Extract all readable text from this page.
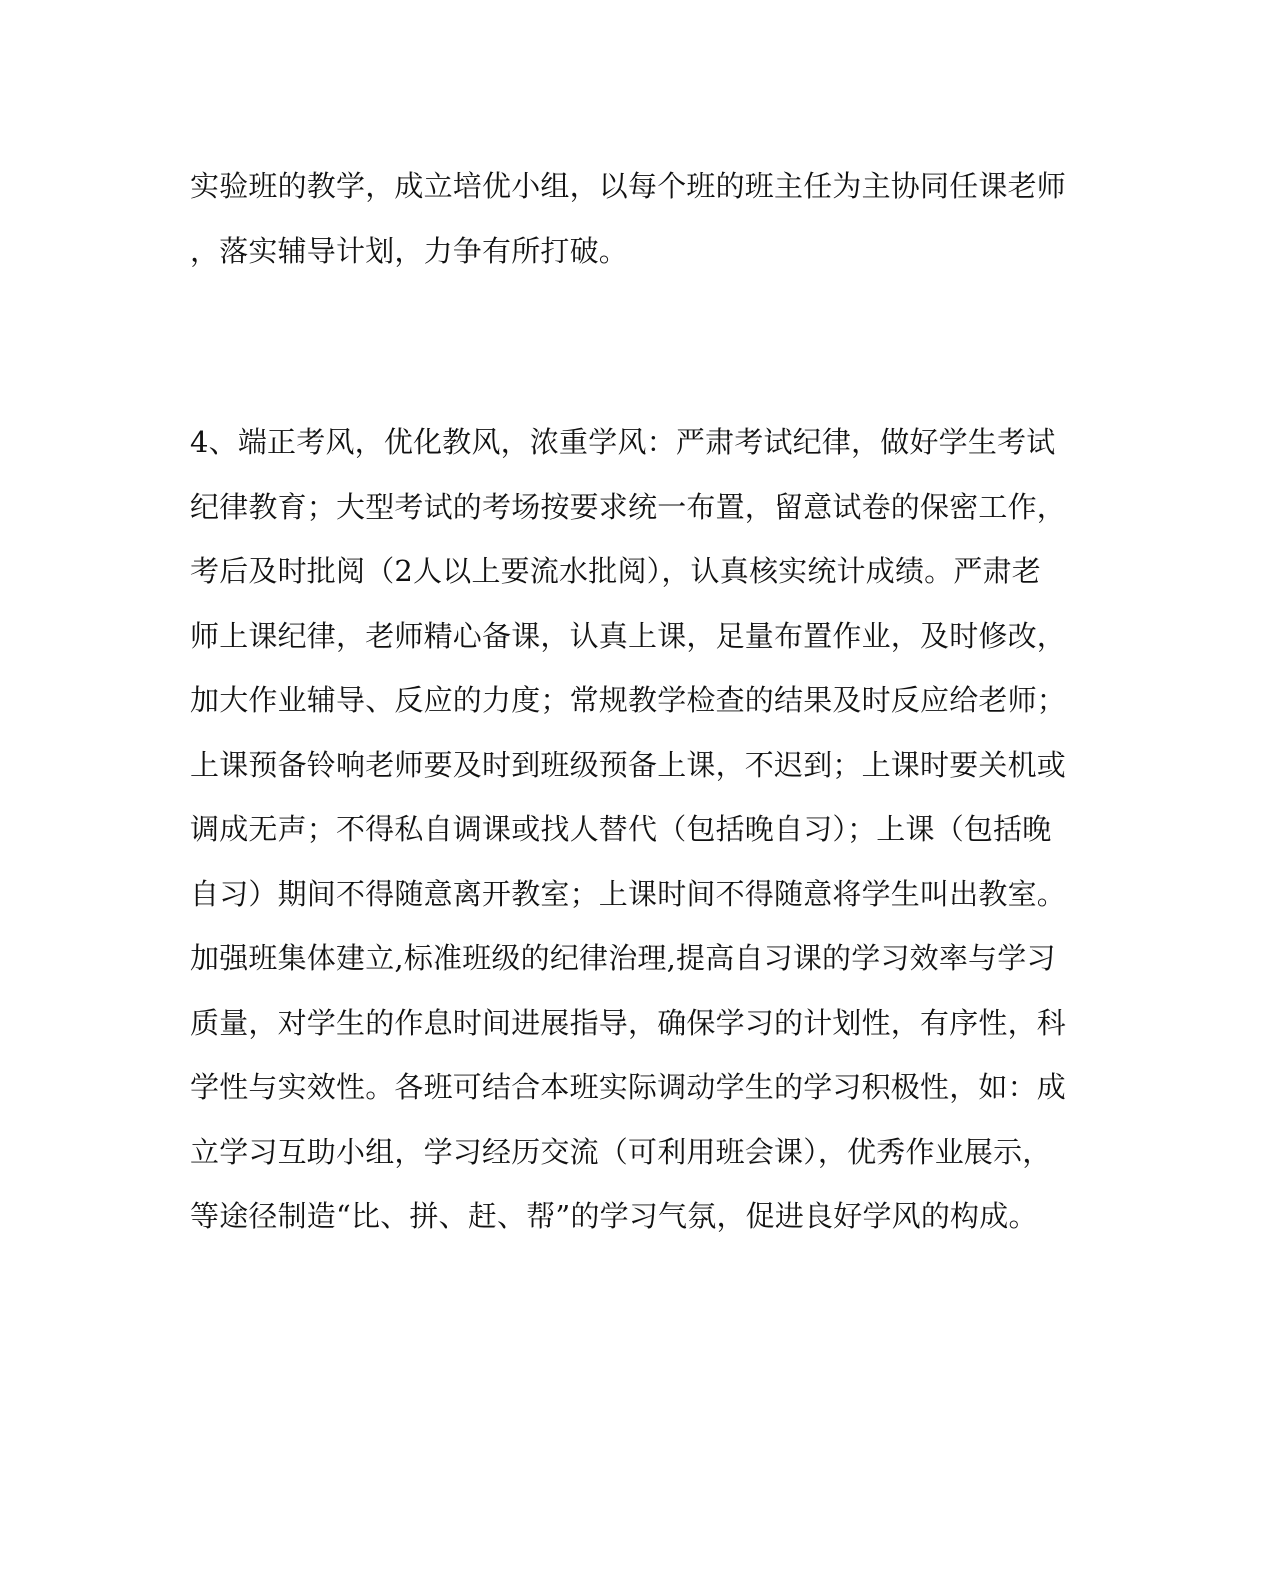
实验班的教学，成立培优小组，以每个班的班主任为主协同任课老师
，落实辅导计划，力争有所打破。
4、端正考风，优化教风，浓重学风：严肃考试纪律，做好学生考试
纪律教育；大型考试的考场按要求统一布置，留意试卷的保密工作，
考后及时批阅（2人以上要流水批阅），认真核实统计成绩。严肃老
师上课纪律，老师精心备课，认真上课，足量布置作业，及时修改，
加大作业辅导、反应的力度；常规教学检查的结果及时反应给老师；
上课预备铃响老师要及时到班级预备上课，不迟到；上课时要关机或
调成无声；不得私自调课或找人替代（包括晚自习）；上课（包括晚
自习）期间不得随意离开教室；上课时间不得随意将学生叫出教室。
加强班集体建立,标准班级的纪律治理,提高自习课的学习效率与学习
质量，对学生的作息时间进展指导，确保学习的计划性，有序性，科
学性与实效性。各班可结合本班实际调动学生的学习积极性，如：成
立学习互助小组，学习经历交流（可利用班会课），优秀作业展示，
等途径制造“比、拼、赶、帮”的学习气氛，促进良好学风的构成。
